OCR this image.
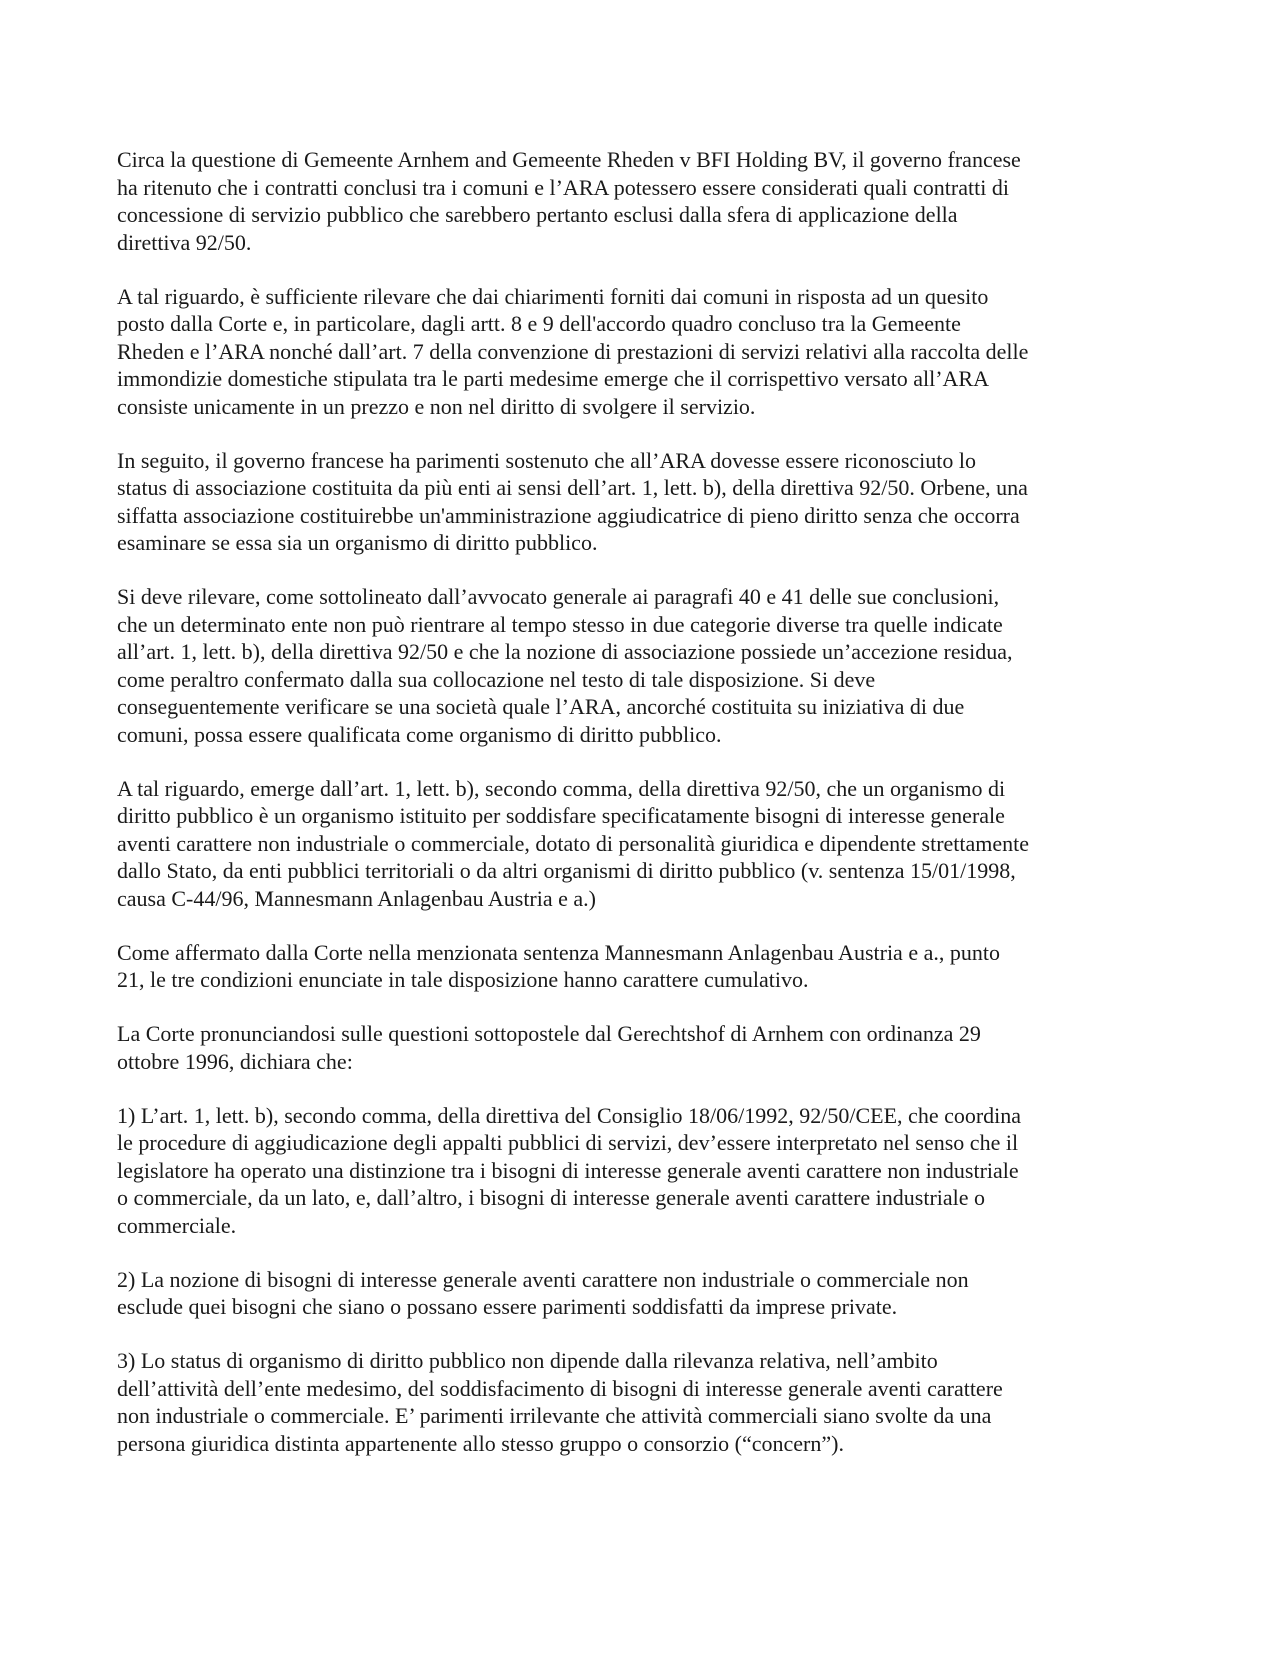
Circa la questione di Gemeente Arnhem and Gemeente Rheden v BFI Holding BV, il governo francese
ha ritenuto che i contratti conclusi tra i comuni e l’ARA potessero essere considerati quali contratti di
concessione di servizio pubblico che sarebbero pertanto esclusi dalla sfera di applicazione della
direttiva 92/50.

A tal riguardo, è sufficiente rilevare che dai chiarimenti forniti dai comuni in risposta ad un quesito
posto dalla Corte e, in particolare, dagli artt. 8 e 9 dell'accordo quadro concluso tra la Gemeente
Rheden e l’ARA nonché dall’art. 7 della convenzione di prestazioni di servizi relativi alla raccolta delle
immondizie domestiche stipulata tra le parti medesime emerge che il corrispettivo versato all’ARA
consiste unicamente in un prezzo e non nel diritto di svolgere il servizio.

In seguito, il governo francese ha parimenti sostenuto che all’ARA dovesse essere riconosciuto lo
status di associazione costituita da più enti ai sensi dell’art. 1, lett. b), della direttiva 92/50. Orbene, una
siffatta associazione costituirebbe un'amministrazione aggiudicatrice di pieno diritto senza che occorra
esaminare se essa sia un organismo di diritto pubblico.

Si deve rilevare, come sottolineato dall’avvocato generale ai paragrafi 40 e 41 delle sue conclusioni,
che un determinato ente non può rientrare al tempo stesso in due categorie diverse tra quelle indicate
all’art. 1, lett. b), della direttiva 92/50 e che la nozione di associazione possiede un’accezione residua,
come peraltro confermato dalla sua collocazione nel testo di tale disposizione. Si deve
conseguentemente verificare se una società quale l’ARA, ancorché costituita su iniziativa di due
comuni, possa essere qualificata come organismo di diritto pubblico.

A tal riguardo, emerge dall’art. 1, lett. b), secondo comma, della direttiva 92/50, che un organismo di
diritto pubblico è un organismo istituito per soddisfare specificatamente bisogni di interesse generale
aventi carattere non industriale o commerciale, dotato di personalità giuridica e dipendente strettamente
dallo Stato, da enti pubblici territoriali o da altri organismi di diritto pubblico (v. sentenza 15/01/1998,
causa C-44/96, Mannesmann Anlagenbau Austria e a.)

Come affermato dalla Corte nella menzionata sentenza Mannesmann Anlagenbau Austria e a., punto
21, le tre condizioni enunciate in tale disposizione hanno carattere cumulativo.

La Corte pronunciandosi sulle questioni sottopostele dal Gerechtshof di Arnhem con ordinanza 29
ottobre 1996, dichiara che:

1) L’art. 1, lett. b), secondo comma, della direttiva del Consiglio 18/06/1992, 92/50/CEE, che coordina
le procedure di aggiudicazione degli appalti pubblici di servizi, dev’essere interpretato nel senso che il
legislatore ha operato una distinzione tra i bisogni di interesse generale aventi carattere non industriale
o commerciale, da un lato, e, dall’altro, i bisogni di interesse generale aventi carattere industriale o
commerciale.

2) La nozione di bisogni di interesse generale aventi carattere non industriale o commerciale non
esclude quei bisogni che siano o possano essere parimenti soddisfatti da imprese private.

3) Lo status di organismo di diritto pubblico non dipende dalla rilevanza relativa, nell’ambito
dell’attività dell’ente medesimo, del soddisfacimento di bisogni di interesse generale aventi carattere
non industriale o commerciale. E’ parimenti irrilevante che attività commerciali siano svolte da una
persona giuridica distinta appartenente allo stesso gruppo o consorzio (“concern”).
